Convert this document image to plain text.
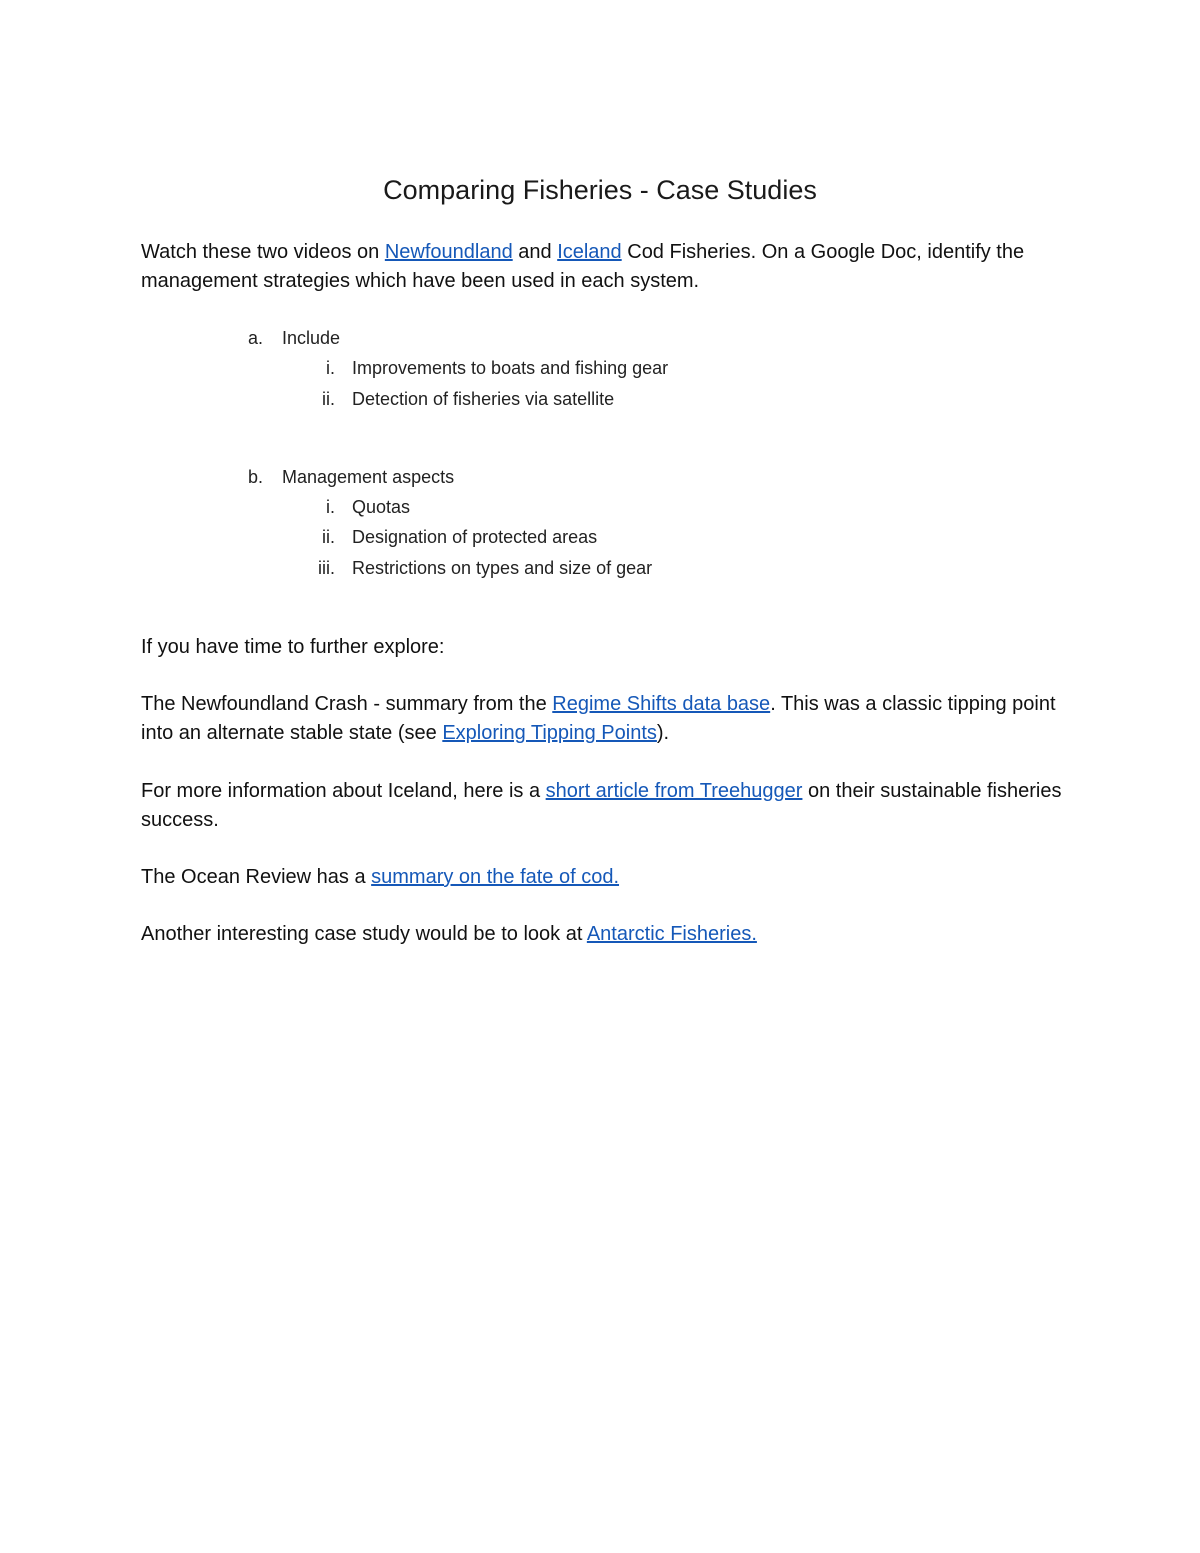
Comparing Fisheries - Case Studies

Watch these two videos on Newfoundland and Iceland Cod Fisheries. On a Google Doc, identify the management strategies which have been used in each system.

a. Include
i. Improvements to boats and fishing gear
ii. Detection of fisheries via satellite
b. Management aspects
i. Quotas
ii. Designation of protected areas
iii. Restrictions on types and size of gear

If you have time to further explore:

The Newfoundland Crash - summary from the Regime Shifts data base. This was a classic tipping point into an alternate stable state (see Exploring Tipping Points).

For more information about Iceland, here is a short article from Treehugger on their sustainable fisheries success.

The Ocean Review has a summary on the fate of cod.

Another interesting case study would be to look at Antarctic Fisheries.
